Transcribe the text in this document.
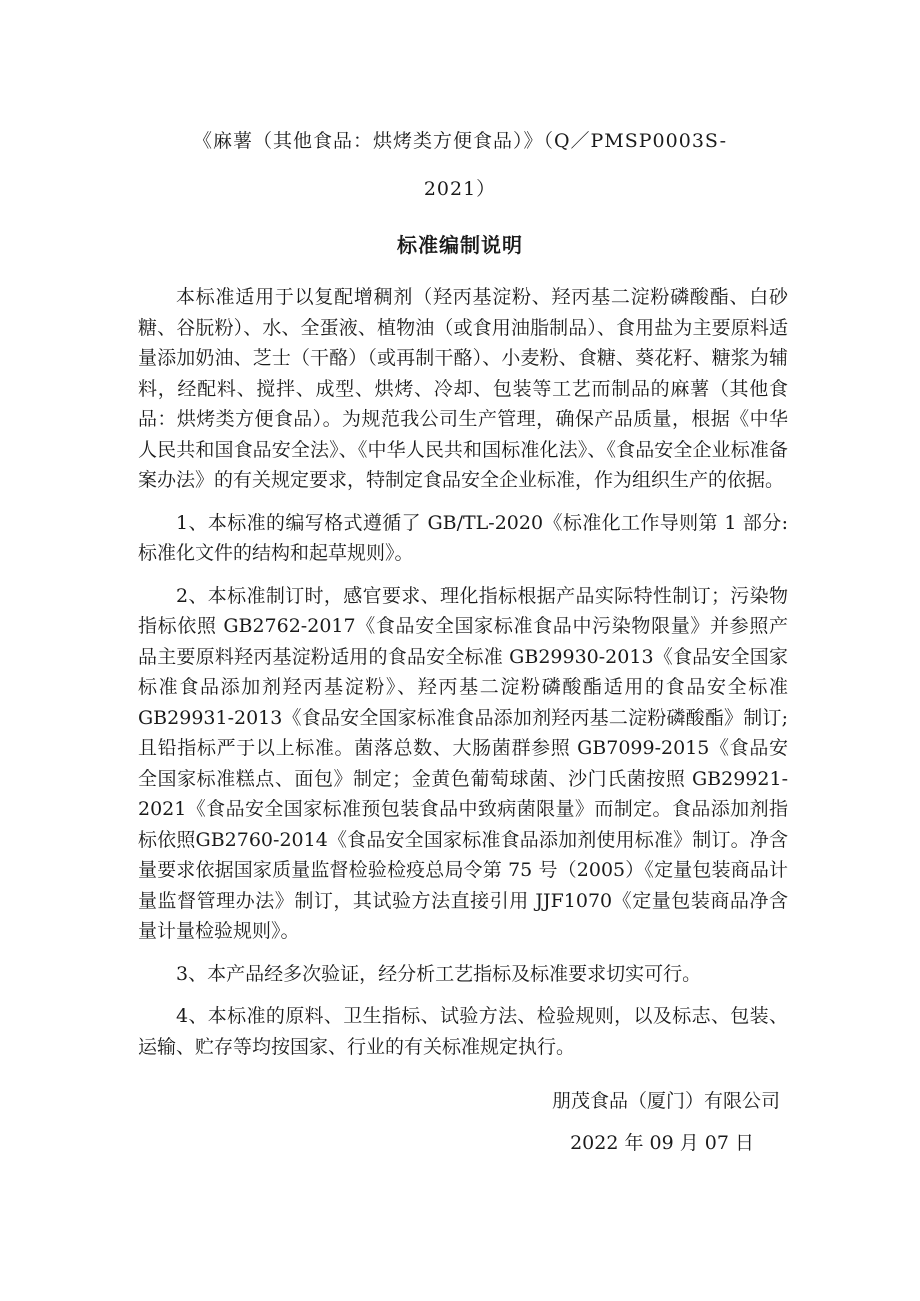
《麻薯（其他食品：烘烤类方便食品）》（Q／PMSP0003S-
2021）
标准编制说明

本标准适用于以复配增稠剂（羟丙基淀粉、羟丙基二淀粉磷酸酯、白砂糖、谷朊粉）、水、全蛋液、植物油（或食用油脂制品）、食用盐为主要原料适量添加奶油、芝士（干酪）（或再制干酪）、小麦粉、食糖、葵花籽、糖浆为辅料，经配料、搅拌、成型、烘烤、冷却、包装等工艺而制品的麻薯（其他食品：烘烤类方便食品）。为规范我公司生产管理，确保产品质量，根据《中华人民共和国食品安全法》、《中华人民共和国标准化法》、《食品安全企业标准备案办法》的有关规定要求，特制定食品安全企业标准，作为组织生产的依据。

1、本标准的编写格式遵循了 GB/TL-2020《标准化工作导则第 1 部分:标准化文件的结构和起草规则》。

2、本标准制订时，感官要求、理化指标根据产品实际特性制订；污染物指标依照 GB2762-2017《食品安全国家标准食品中污染物限量》并参照产品主要原料羟丙基淀粉适用的食品安全标准 GB29930-2013《食品安全国家标准食品添加剂羟丙基淀粉》、羟丙基二淀粉磷酸酯适用的食品安全标准 GB29931-2013《食品安全国家标准食品添加剂羟丙基二淀粉磷酸酯》制订; 且铅指标严于以上标准。菌落总数、大肠菌群参照 GB7099-2015《食品安全国家标准糕点、面包》制定；金黄色葡萄球菌、沙门氏菌按照 GB29921-2021《食品安全国家标准预包装食品中致病菌限量》而制定。食品添加剂指标依照GB2760-2014《食品安全国家标准食品添加剂使用标准》制订。净含量要求依据国家质量监督检验检疫总局令第 75 号（2005）《定量包装商品计量监督管理办法》制订，其试验方法直接引用 JJF1070《定量包装商品净含量计量检验规则》。

3、本产品经多次验证，经分析工艺指标及标准要求切实可行。

4、本标准的原料、卫生指标、试验方法、检验规则，以及标志、包装、运输、贮存等均按国家、行业的有关标准规定执行。

朋茂食品（厦门）有限公司
2022 年 09 月 07 日
